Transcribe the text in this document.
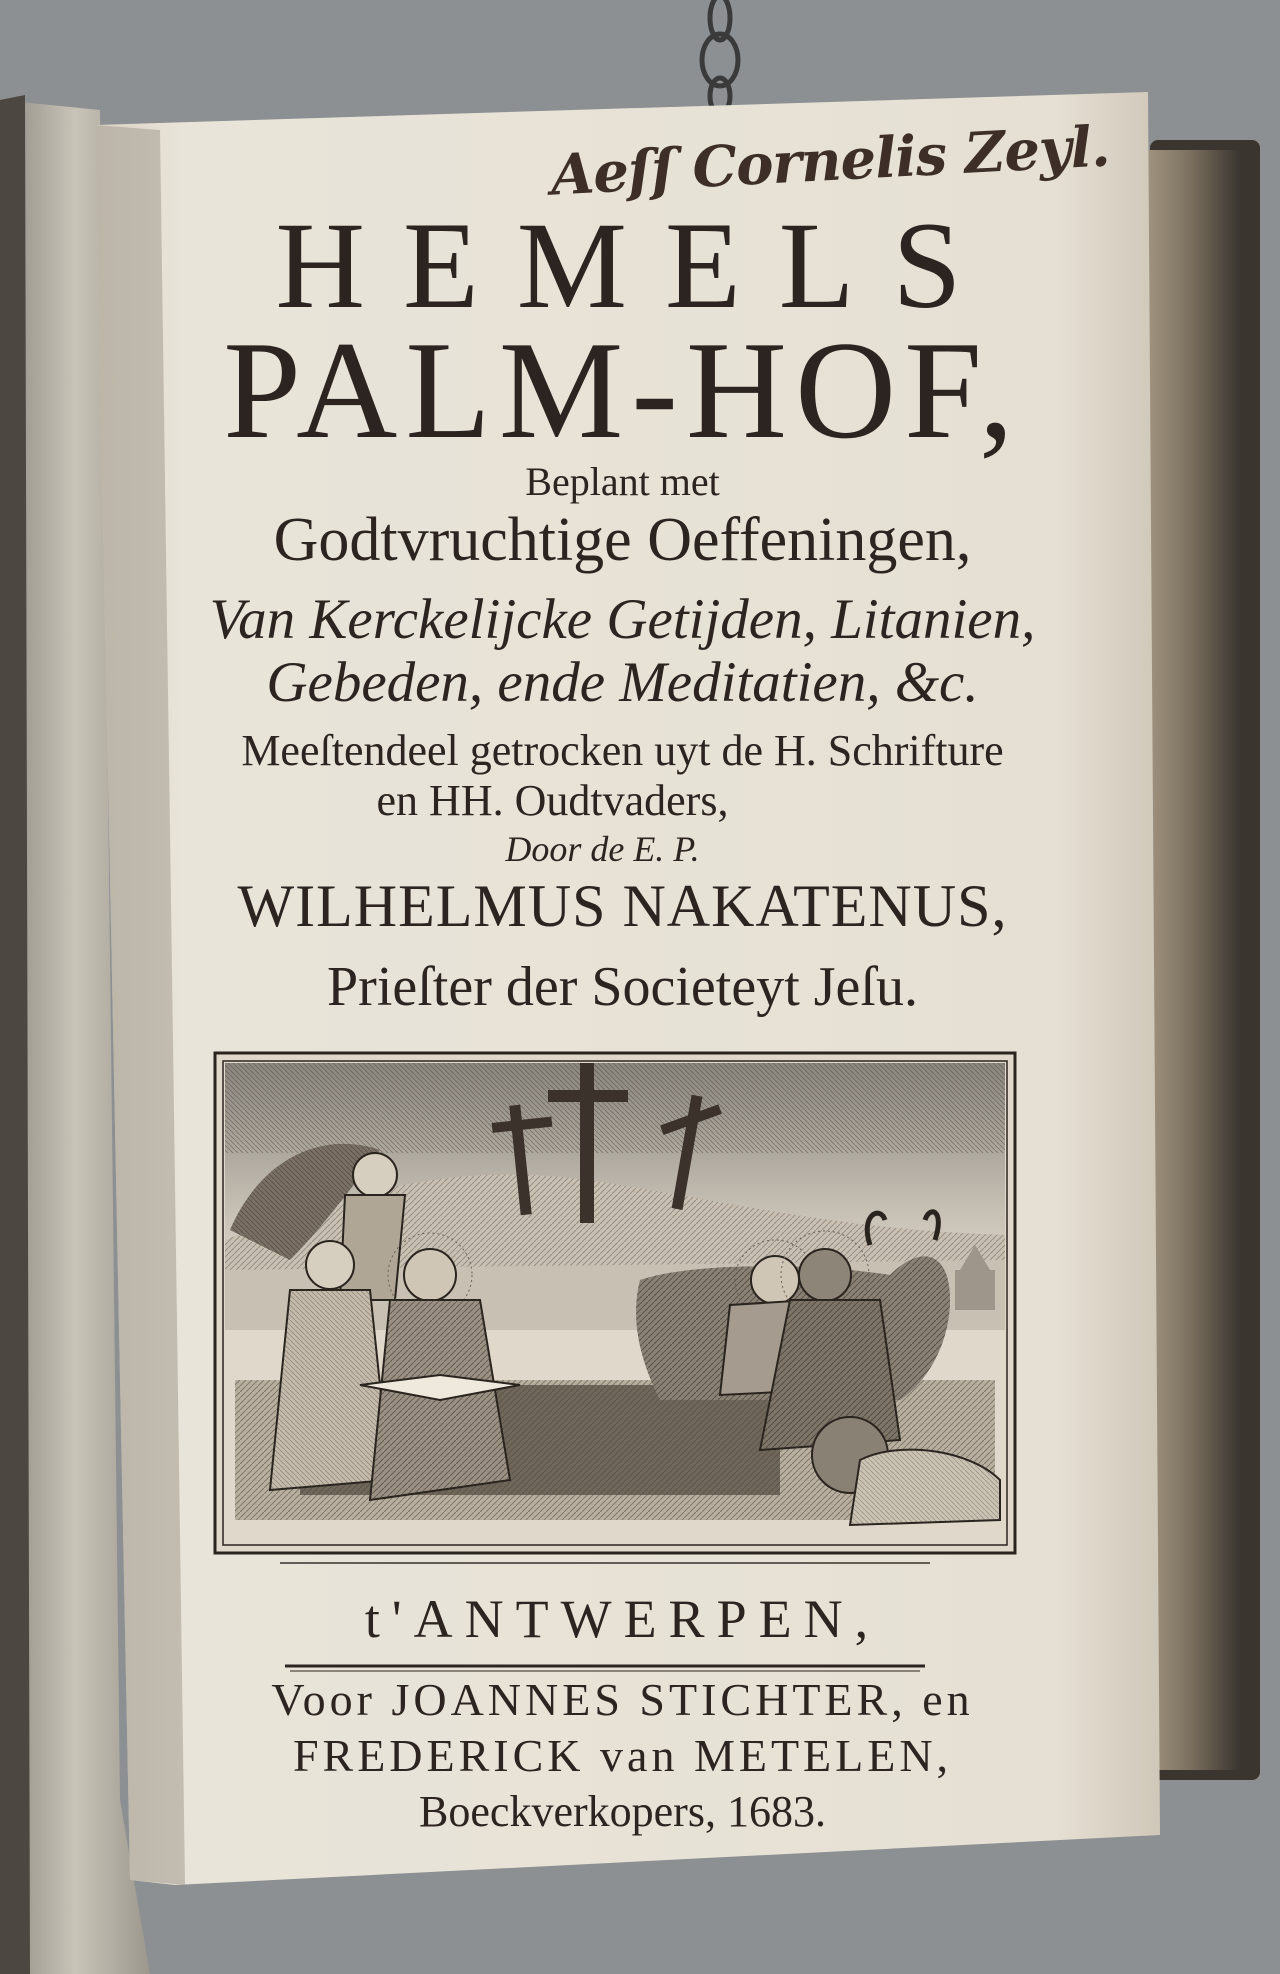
Aeſſ Cornelis Zeyl.
HEMELS
PALM-HOF,
Beplant met
Godtvruchtige Oeffeningen,
Van Kerckelijcke Getijden, Litanien,
Gebeden, ende Meditatien, &c.
Meeſtendeel getrocken uyt de H. Schrifture
en HH. Oudtvaders,
Door de E. P.
WILHELMUS NAKATENUS,
Prieſter der Societeyt Jeſu.
t'ANTWERPEN,
Voor JOANNES STICHTER, en
FREDERICK van METELEN,
Boeckverkopers, 1683.
